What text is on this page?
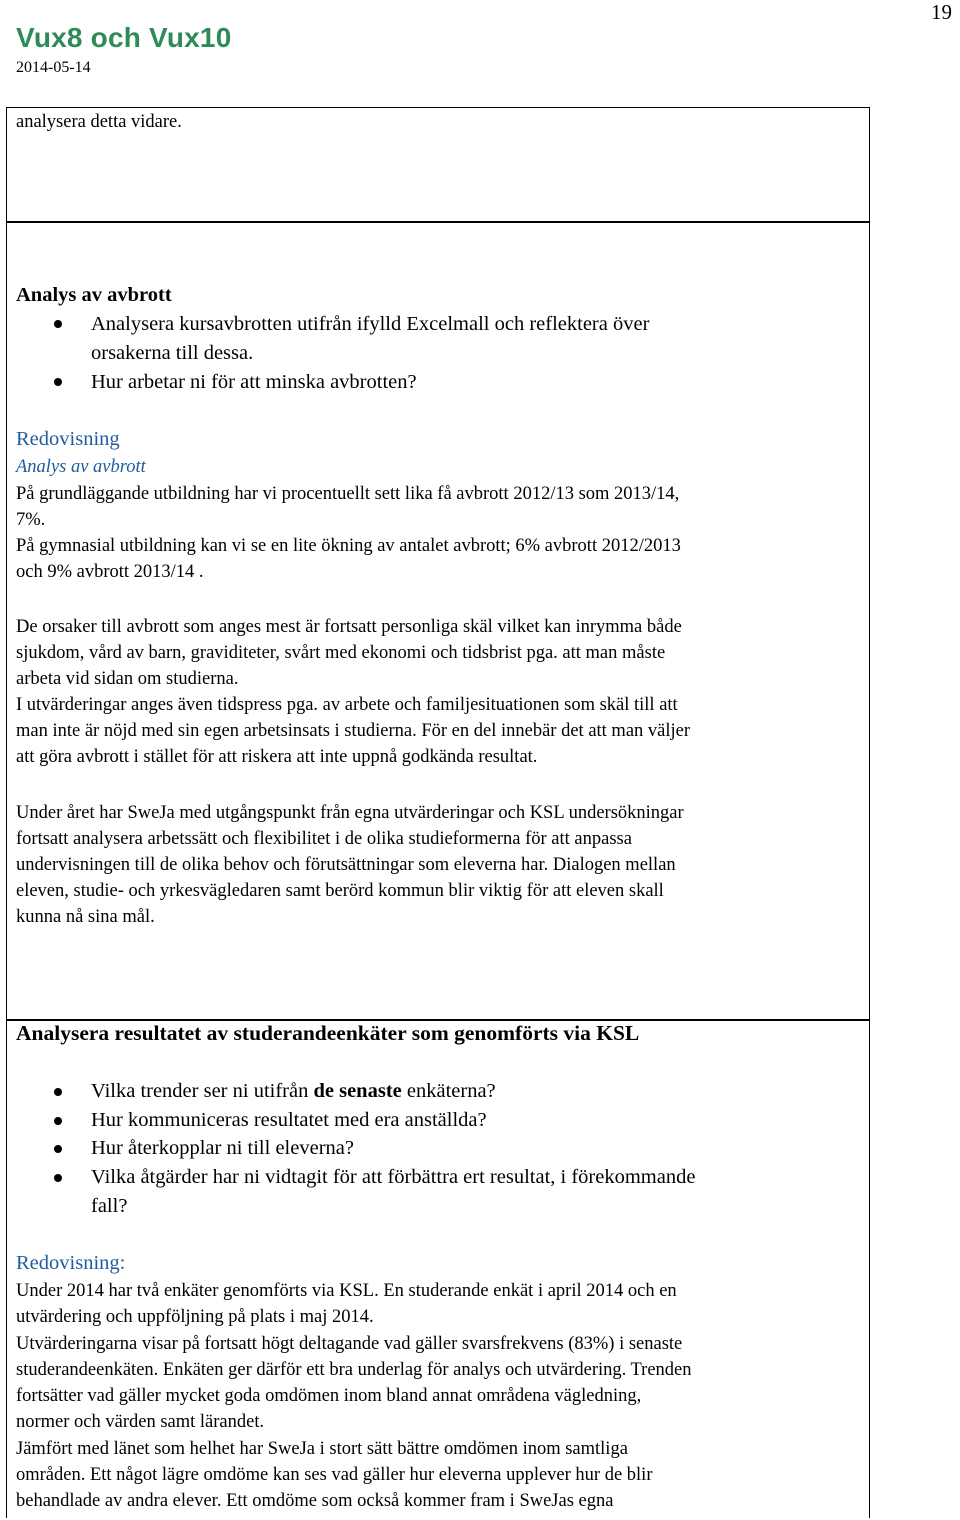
Vux8 och Vux10
2014-05-14
19

analysera detta vidare.

Analys av avbrott

Analysera kursavbrotten utifrån ifylld Excelmall och reflektera över

orsakerna till dessa.

Hur arbetar ni för att minska avbrotten?

Redovisning

Analys av avbrott

På grundläggande utbildning har vi procentuellt sett lika få avbrott 2012/13 som 2013/14,

7%.

På gymnasial utbildning kan vi se en lite ökning av antalet avbrott; 6% avbrott 2012/2013

och 9% avbrott 2013/14 .

De orsaker till avbrott som anges mest är fortsatt personliga skäl vilket kan inrymma både

sjukdom, vård av barn, graviditeter, svårt med ekonomi och tidsbrist pga. att man måste

arbeta vid sidan om studierna.

I utvärderingar anges även tidspress pga. av arbete och familjesituationen som skäl till att

man inte är nöjd med sin egen arbetsinsats i studierna. För en del innebär det att man väljer

att göra avbrott i stället för att riskera att inte uppnå godkända resultat.

Under året har SweJa med utgångspunkt från egna utvärderingar och KSL undersökningar

fortsatt analysera arbetssätt och flexibilitet i de olika studieformerna för att anpassa

undervisningen till de olika behov och förutsättningar som eleverna har. Dialogen mellan

eleven, studie- och yrkesvägledaren samt berörd kommun blir viktig för att eleven skall

kunna nå sina mål.

Analysera resultatet av studerandeenkäter som genomförts via KSL

Vilka trender ser ni utifrån de senaste enkäterna?

Hur kommuniceras resultatet med era anställda?

Hur återkopplar ni till eleverna?

Vilka åtgärder har ni vidtagit för att förbättra ert resultat, i förekommande

fall?

Redovisning:

Under 2014 har två enkäter genomförts via KSL. En studerande enkät i april 2014 och en

utvärdering och uppföljning på plats i maj 2014.

Utvärderingarna visar på fortsatt högt deltagande vad gäller svarsfrekvens (83%) i senaste

studerandeenkäten. Enkäten ger därför ett bra underlag för analys och utvärdering. Trenden

fortsätter vad gäller mycket goda omdömen inom bland annat områdena vägledning,

normer och värden samt lärandet.

Jämfört med länet som helhet har SweJa i stort sätt bättre omdömen inom samtliga

områden. Ett något lägre omdöme kan ses vad gäller hur eleverna upplever hur de blir

behandlade av andra elever. Ett omdöme som också kommer fram i SweJas egna
